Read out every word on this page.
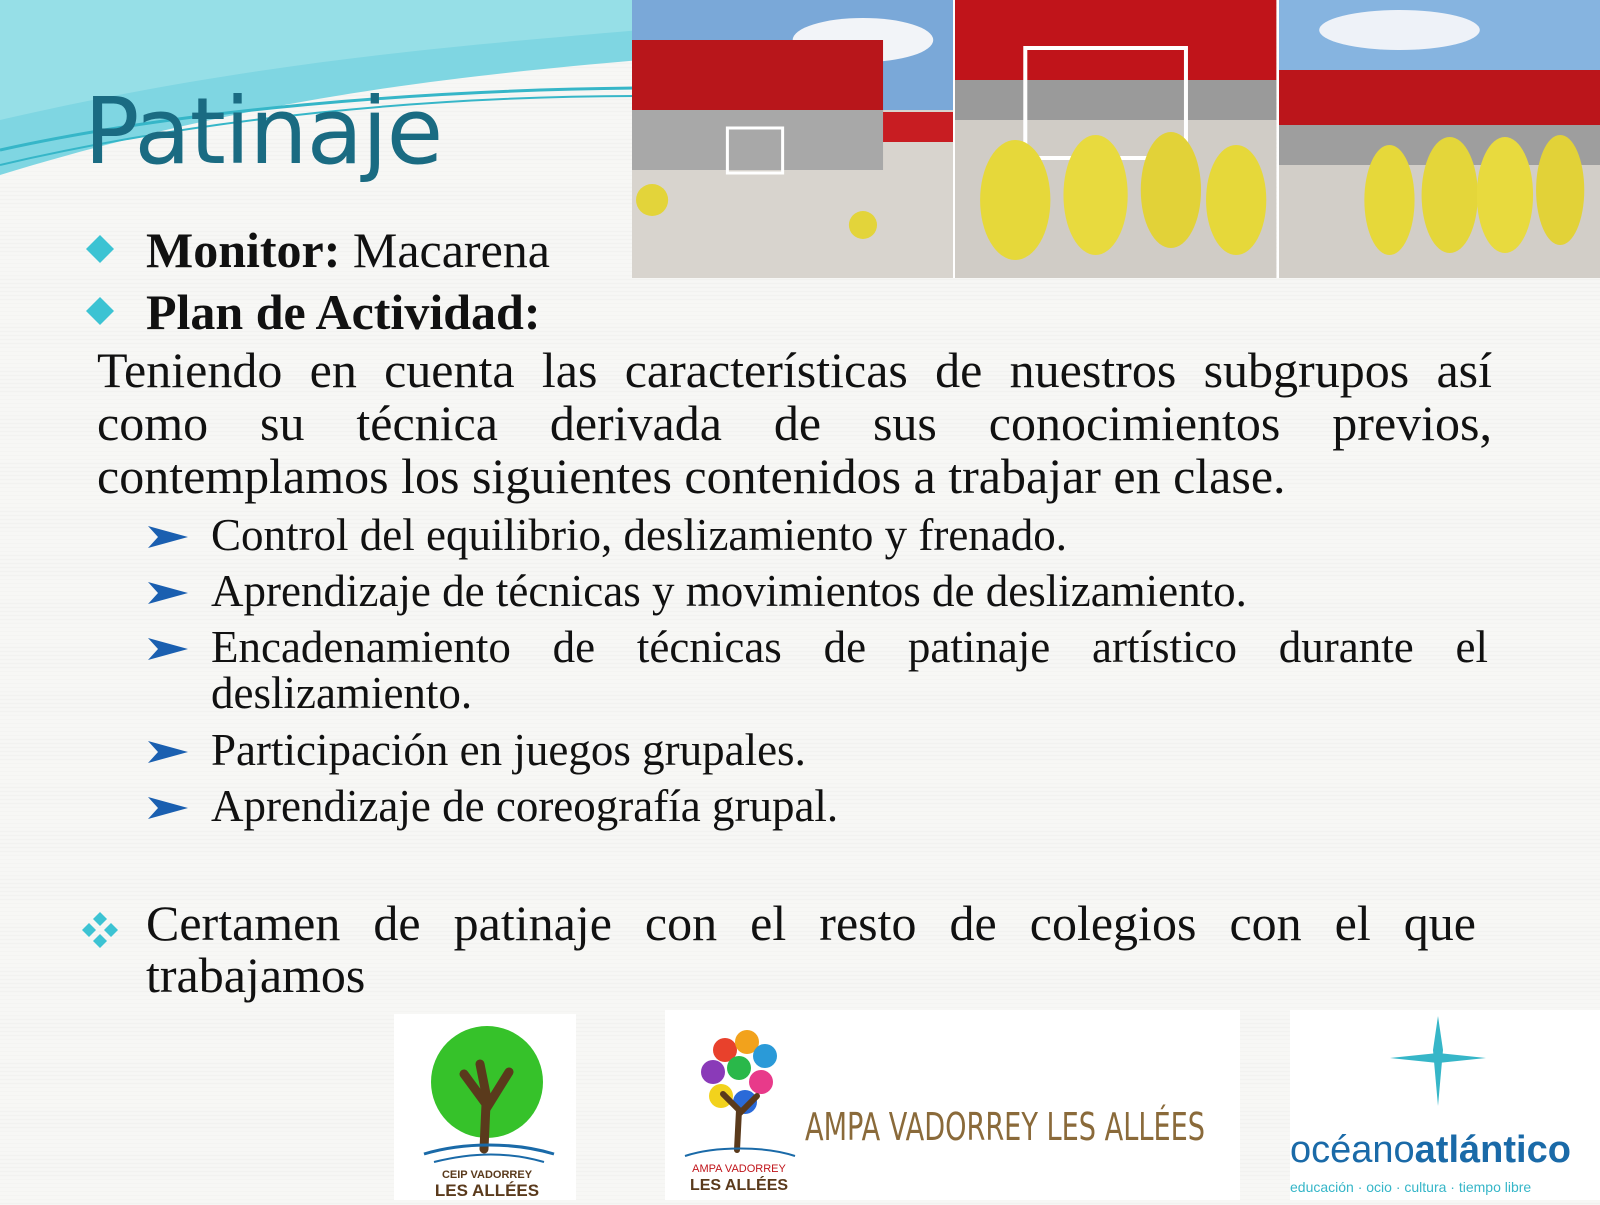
Patinaje
Monitor: Macarena
Plan de Actividad:
Teniendo en cuenta las características de nuestros subgrupos así como su técnica derivada de sus conocimientos previos, contemplamos los siguientes contenidos a trabajar en clase.
Control del equilibrio, deslizamiento y frenado.
Aprendizaje de técnicas y movimientos de deslizamiento.
Encadenamiento de técnicas de patinaje artístico durante el deslizamiento.
Participación en juegos grupales.
Aprendizaje de coreografía grupal.
Certamen de patinaje con el resto de colegios con el que trabajamos
CEIP VADORREY
LES ALLÉES
AMPA VADORREY
LES ALLÉES
AMPA VADORREY LES ALLÉES
océanoatlántico
educación · ocio · cultura · tiempo libre
